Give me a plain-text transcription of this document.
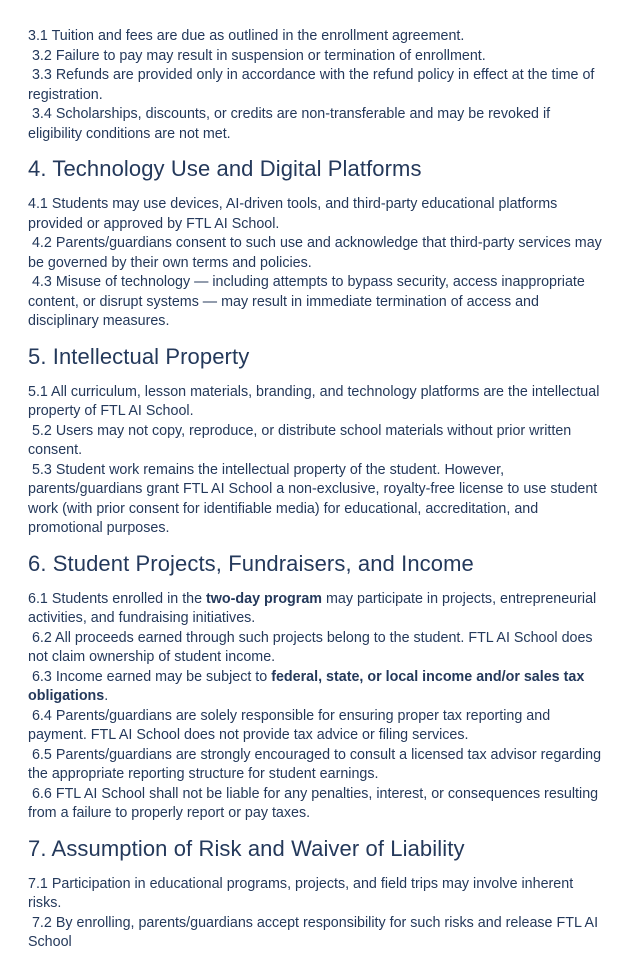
3.1 Tuition and fees are due as outlined in the enrollment agreement.
3.2 Failure to pay may result in suspension or termination of enrollment.
3.3 Refunds are provided only in accordance with the refund policy in effect at the time of registration.
3.4 Scholarships, discounts, or credits are non-transferable and may be revoked if eligibility conditions are not met.
4. Technology Use and Digital Platforms
4.1 Students may use devices, AI-driven tools, and third-party educational platforms provided or approved by FTL AI School.
4.2 Parents/guardians consent to such use and acknowledge that third-party services may be governed by their own terms and policies.
4.3 Misuse of technology — including attempts to bypass security, access inappropriate content, or disrupt systems — may result in immediate termination of access and disciplinary measures.
5. Intellectual Property
5.1 All curriculum, lesson materials, branding, and technology platforms are the intellectual property of FTL AI School.
5.2 Users may not copy, reproduce, or distribute school materials without prior written consent.
5.3 Student work remains the intellectual property of the student. However, parents/guardians grant FTL AI School a non-exclusive, royalty-free license to use student work (with prior consent for identifiable media) for educational, accreditation, and promotional purposes.
6. Student Projects, Fundraisers, and Income
6.1 Students enrolled in the two-day program may participate in projects, entrepreneurial activities, and fundraising initiatives.
6.2 All proceeds earned through such projects belong to the student. FTL AI School does not claim ownership of student income.
6.3 Income earned may be subject to federal, state, or local income and/or sales tax obligations.
6.4 Parents/guardians are solely responsible for ensuring proper tax reporting and payment. FTL AI School does not provide tax advice or filing services.
6.5 Parents/guardians are strongly encouraged to consult a licensed tax advisor regarding the appropriate reporting structure for student earnings.
6.6 FTL AI School shall not be liable for any penalties, interest, or consequences resulting from a failure to properly report or pay taxes.
7. Assumption of Risk and Waiver of Liability
7.1 Participation in educational programs, projects, and field trips may involve inherent risks.
7.2 By enrolling, parents/guardians accept responsibility for such risks and release FTL AI School
